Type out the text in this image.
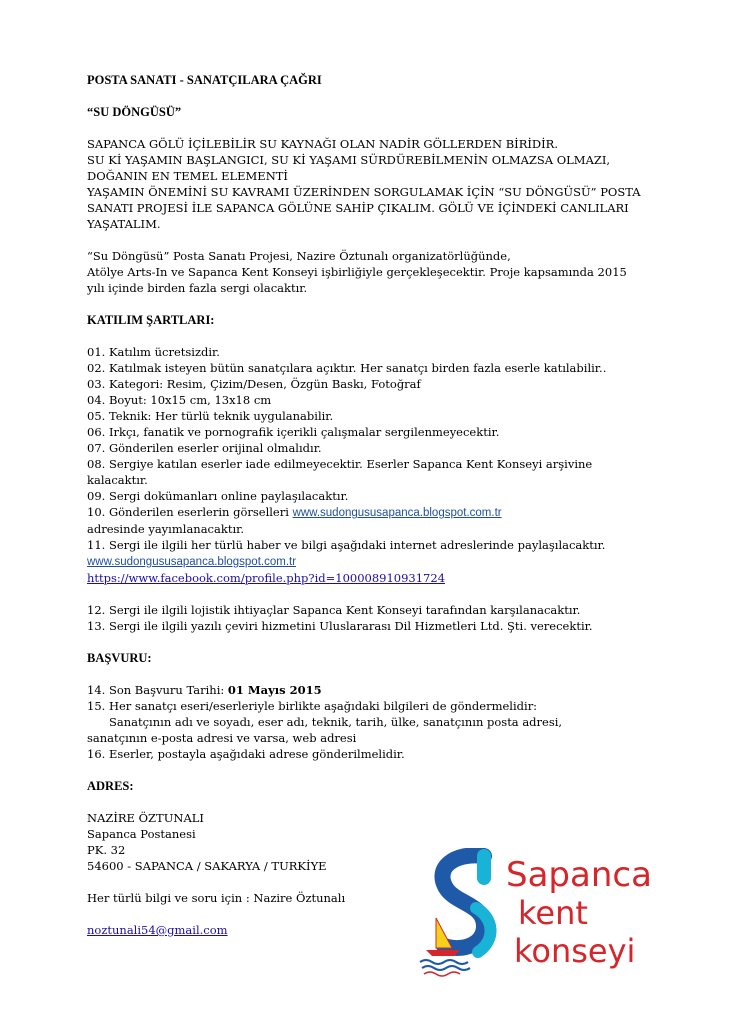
POSTA SANATI - SANATÇILARA ÇAĞRI
“SU DÖNGÜSÜ”
SAPANCA GÖLÜ İÇİLEBİLİR SU KAYNAĞI OLAN NADİR GÖLLERDEN BİRİDİR.
SU Kİ YAŞAMIN BAŞLANGICI, SU Kİ YAŞAMI SÜRDÜREBİLMENİN OLMAZSA OLMAZI,
DOĞANIN EN TEMEL ELEMENTİ
YAŞAMIN ÖNEMİNİ SU KAVRAMI ÜZERİNDEN SORGULAMAK İÇİN “SU DÖNGÜSÜ” POSTA
SANATI PROJESİ İLE SAPANCA GÖLÜNE SAHİP ÇIKALIM. GÖLÜ VE İÇİNDEKİ CANLILARI
YAŞATALIM.
“Su Döngüsü” Posta Sanatı Projesi, Nazire Öztunalı organizatörlüğünde,
Atölye Arts-In ve Sapanca Kent Konseyi işbirliğiyle gerçekleşecektir. Proje kapsamında 2015
yılı içinde birden fazla sergi olacaktır.
KATILIM ŞARTLARI:
01. Katılım ücretsizdir.
02. Katılmak isteyen bütün sanatçılara açıktır. Her sanatçı birden fazla eserle katılabilir..
03. Kategori: Resim, Çizim/Desen, Özgün Baskı, Fotoğraf
04. Boyut: 10x15 cm, 13x18 cm
05. Teknik: Her türlü teknik uygulanabilir.
06. Irkçı, fanatik ve pornografik içerikli çalışmalar sergilenmeyecektir.
07. Gönderilen eserler orijinal olmalıdır.
08. Sergiye katılan eserler iade edilmeyecektir. Eserler Sapanca Kent Konseyi arşivine
kalacaktır.
09. Sergi dokümanları online paylaşılacaktır.
10. Gönderilen eserlerin görselleri www.sudongususapanca.blogspot.com.tr
adresinde yayımlanacaktır.
11. Sergi ile ilgili her türlü haber ve bilgi aşağıdaki internet adreslerinde paylaşılacaktır.
www.sudongususapanca.blogspot.com.tr
https://www.facebook.com/profile.php?id=100008910931724
12. Sergi ile ilgili lojistik ihtiyaçlar Sapanca Kent Konseyi tarafından karşılanacaktır.
13. Sergi ile ilgili yazılı çeviri hizmetini Uluslararası Dil Hizmetleri Ltd. Şti. verecektir.
BAŞVURU:
14. Son Başvuru Tarihi: 01 Mayıs 2015
15. Her sanatçı eseri/eserleriyle birlikte aşağıdaki bilgileri de göndermelidir:
Sanatçının adı ve soyadı, eser adı, teknik, tarih, ülke, sanatçının posta adresi,
sanatçının e-posta adresi ve varsa, web adresi
16. Eserler, postayla aşağıdaki adrese gönderilmelidir.
ADRES:
NAZİRE ÖZTUNALI
Sapanca Postanesi
PK. 32
54600 - SAPANCA / SAKARYA / TURKİYE
Her türlü bilgi ve soru için : Nazire Öztunalı
noztunali54@gmail.com
Sapanca
kent
konseyi
